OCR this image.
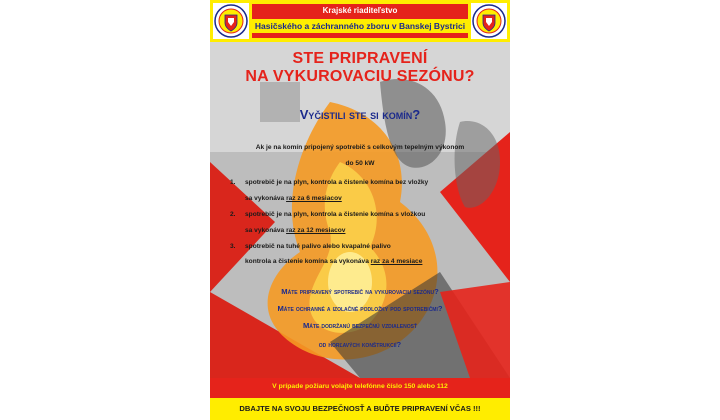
Krajské riaditeľstvo
Hasičského a záchranného zboru v Banskej Bystrici
STE PRIPRAVENÍ
NA VYKUROVACIU SEZÓNU?
Vyčistili ste si komín?
Ak je na komín pripojený spotrebič s celkovým tepelným výkonom
do 50 kW
1. spotrebič je na plyn, kontrola a čistenie komína bez vložky
sa vykonáva raz za 6 mesiacov
2. spotrebič je na plyn, kontrola a čistenie komína s vložkou
sa vykonáva raz za 12 mesiacov
3. spotrebič na tuhé palivo alebo kvapalné palivo
kontrola a čistenie komína sa vykonáva raz za 4 mesiace
Máte pripravený spotrebič na vykurovaciu sezónu?
Máte ochranné a izolačné podložky pod spotrebičmi?
Máte dodržanú bezpečnú vzdialenosť
od horľavých konštrukcií?
V prípade požiaru volajte telefónne číslo 150 alebo 112
DBAJTE NA SVOJU BEZPEČNOSŤ A BUĎTE PRIPRAVENÍ VČAS !!!
